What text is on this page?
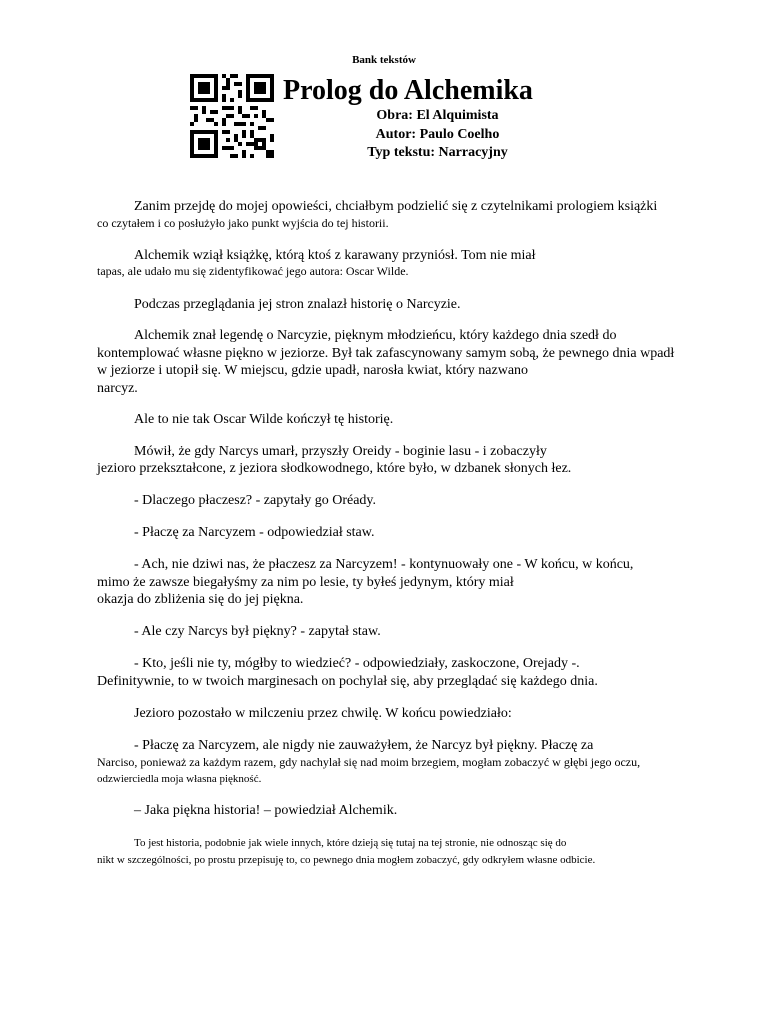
Bank tekstów
Prolog do Alchemika
Obra: El Alquimista
Autor: Paulo Coelho
Typ tekstu: Narracyjny
Zanim przejdę do mojej opowieści, chciałbym podzielić się z czytelnikami prologiem książki
co czytałem i co posłużyło jako punkt wyjścia do tej historii.
Alchemik wziął książkę, którą ktoś z karawany przyniósł. Tom nie miał
tapas, ale udało mu się zidentyfikować jego autora: Oscar Wilde.
Podczas przeglądania jej stron znalazł historię o Narcyzie.
Alchemik znał legendę o Narcyzie, pięknym młodzieńcu, który każdego dnia szedł do
kontemplować własne piękno w jeziorze. Był tak zafascynowany samym sobą, że pewnego dnia wpadł
w jeziorze i utopił się. W miejscu, gdzie upadł, narosła kwiat, który nazwano
narcyz.
Ale to nie tak Oscar Wilde kończył tę historię.
Mówił, że gdy Narcys umarł, przyszły Oreidy - boginie lasu - i zobaczyły
jezioro przekształcone, z jeziora słodkowodnego, które było, w dzbanek słonych łez.
- Dlaczego płaczesz? - zapytały go Oréady.
- Płaczę za Narcyzem - odpowiedział staw.
- Ach, nie dziwi nas, że płaczesz za Narcyzem! - kontynuowały one - W końcu, w końcu,
mimo że zawsze biegałyśmy za nim po lesie, ty byłeś jedynym, który miał
okazja do zbliżenia się do jej piękna.
- Ale czy Narcys był piękny? - zapytał staw.
- Kto, jeśli nie ty, mógłby to wiedzieć? - odpowiedziały, zaskoczone, Orejady -.
Definitywnie, to w twoich marginesach on pochylał się, aby przeglądać się każdego dnia.
Jezioro pozostało w milczeniu przez chwilę. W końcu powiedziało:
- Płaczę za Narcyzem, ale nigdy nie zauważyłem, że Narcyz był piękny. Płaczę za
Narciso, ponieważ za każdym razem, gdy nachylał się nad moim brzegiem, mogłam zobaczyć w głębi jego oczu,
odzwierciedla moja własna piękność.
– Jaka piękna historia! – powiedział Alchemik.
To jest historia, podobnie jak wiele innych, które dzieją się tutaj na tej stronie, nie odnosząc się do
nikt w szczególności, po prostu przepisuję to, co pewnego dnia mogłem zobaczyć, gdy odkryłem własne odbicie.
